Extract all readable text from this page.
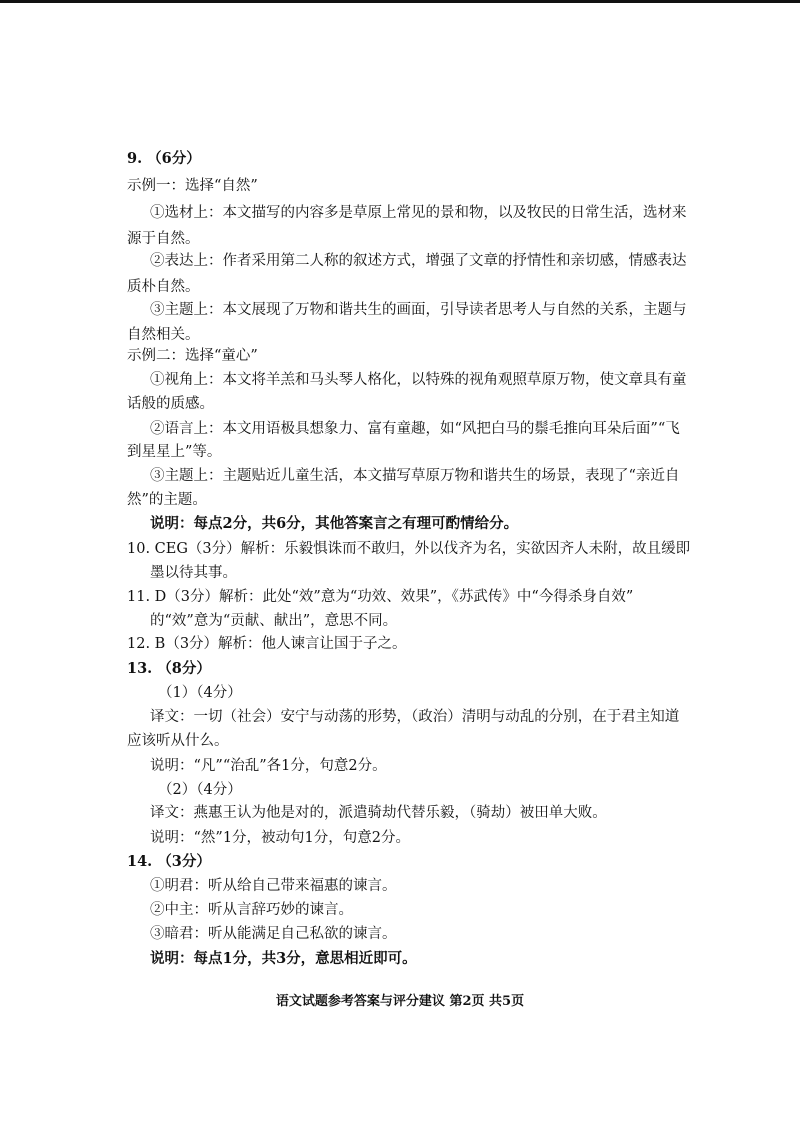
9. （6分）
示例一：选择“自然”
①选材上：本文描写的内容多是草原上常见的景和物，以及牧民的日常生活，选材来
源于自然。
②表达上：作者采用第二人称的叙述方式，增强了文章的抒情性和亲切感，情感表达
质朴自然。
③主题上：本文展现了万物和谐共生的画面，引导读者思考人与自然的关系，主题与
自然相关。
示例二：选择“童心”
①视角上：本文将羊羔和马头琴人格化，以特殊的视角观照草原万物，使文章具有童
话般的质感。
②语言上：本文用语极具想象力、富有童趣，如“风把白马的鬃毛推向耳朵后面”“飞
到星星上”等。
③主题上：主题贴近儿童生活，本文描写草原万物和谐共生的场景，表现了“亲近自
然”的主题。
说明：每点2分，共6分，其他答案言之有理可酌情给分。
10. CEG（3分）解析：乐毅惧诛而不敢归，外以伐齐为名，实欲因齐人未附，故且缓即
墨以待其事。
11. D（3分）解析：此处“效”意为“功效、效果”，《苏武传》中“今得杀身自效”
的“效”意为“贡献、献出”，意思不同。
12. B（3分）解析：他人谏言让国于子之。
13. （8分）
（1）（4分）
译文：一切（社会）安宁与动荡的形势，（政治）清明与动乱的分别，在于君主知道
应该听从什么。
说明：“凡”“治乱”各1分，句意2分。
（2）（4分）
译文：燕惠王认为他是对的，派遣骑劫代替乐毅，（骑劫）被田单大败。
说明：“然”1分，被动句1分，句意2分。
14. （3分）
①明君：听从给自己带来福惠的谏言。
②中主：听从言辞巧妙的谏言。
③暗君：听从能满足自己私欲的谏言。
说明：每点1分，共3分，意思相近即可。
语文试题参考答案与评分建议 第2页 共5页
